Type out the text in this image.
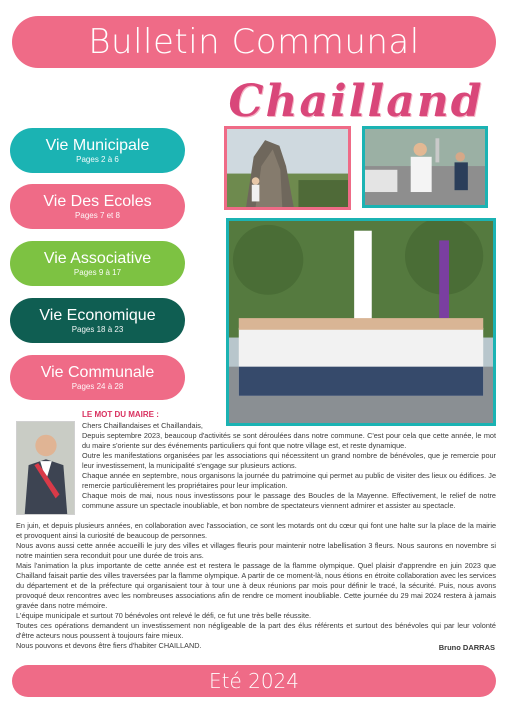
Bulletin Communal
Chailland
Vie Municipale
Pages 2 à 6
Vie Des Ecoles
Pages 7 et 8
Vie Associative
Pages 9 à 17
Vie Economique
Pages 18 à 23
Vie Communale
Pages 24 à 28
LE MOT DU MAIRE :

Chers Chaillandaises et Chaillandais,

Depuis septembre 2023, beaucoup d'activités se sont déroulées dans notre commune. C'est pour cela que cette année, le mot du maire s'oriente sur des événements particuliers qui font que notre village est, et reste dynamique.

Outre les manifestations organisées par les associations qui nécessitent un grand nombre de bénévoles, que je remercie pour leur investissement, la municipalité s'engage sur plusieurs actions.

Chaque année en septembre, nous organisons la journée du patrimoine qui permet au public de visiter des lieux ou édifices. Je remercie particulièrement les propriétaires pour leur implication.

Chaque mois de mai, nous nous investissons pour le passage des Boucles de la Mayenne. Effectivement, le relief de notre commune assure un spectacle inoubliable, et bon nombre de spectateurs viennent admirer et assister au spectacle.

En juin, et depuis plusieurs années, en collaboration avec l'association, ce sont les motards ont du cœur qui font une halte sur la place de la mairie et provoquent ainsi la curiosité de beaucoup de personnes.

Nous avons aussi cette année accueilli le jury des villes et villages fleuris pour maintenir notre labellisation 3 fleurs. Nous saurons en novembre si notre maintien sera reconduit pour une durée de trois ans.

Mais l'animation la plus importante de cette année est et restera le passage de la flamme olympique. Quel plaisir d'apprendre en juin 2023 que Chailland faisait partie des villes traversées par la flamme olympique. A partir de ce moment-là, nous étions en étroite collaboration avec les services du département et de la préfecture qui organisaient tour à tour une à deux réunions par mois pour définir le tracé, la sécurité. Puis, nous avons provoqué deux rencontres avec les nombreuses associations afin de rendre ce moment inoubliable. Cette journée du 29 mai 2024 restera à jamais gravée dans notre mémoire.

L'équipe municipale et surtout 70 bénévoles ont relevé le défi, ce fut une très belle réussite.

Toutes ces opérations demandent un investissement non négligeable de la part des élus référents et surtout des bénévoles qui par leur volonté d'être acteurs nous poussent à toujours faire mieux.

Nous pouvons et devons être fiers d'habiter CHAILLAND.	Bruno DARRAS
Eté 2024
